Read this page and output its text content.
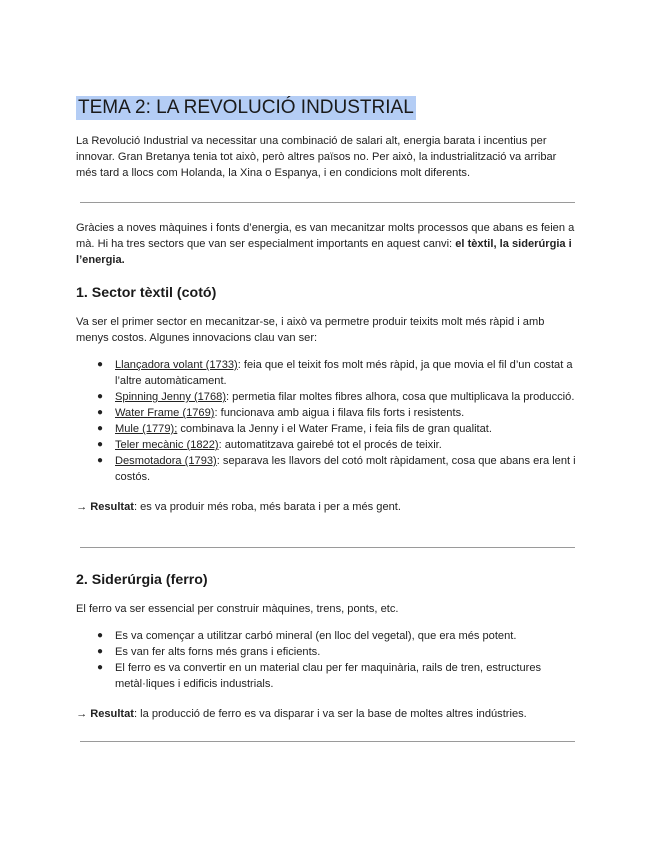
TEMA 2: LA REVOLUCIÓ INDUSTRIAL

La Revolució Industrial va necessitar una combinació de salari alt, energia barata i incentius per innovar. Gran Bretanya tenia tot això, però altres països no. Per això, la industrialització va arribar més tard a llocs com Holanda, la Xina o Espanya, i en condicions molt diferents.

Gràcies a noves màquines i fonts d’energia, es van mecanitzar molts processos que abans es feien a mà. Hi ha tres sectors que van ser especialment importants en aquest canvi: el tèxtil, la siderúrgia i l’energia.

1. Sector tèxtil (cotó)

Va ser el primer sector en mecanitzar-se, i això va permetre produir teixits molt més ràpid i amb menys costos. Algunes innovacions clau van ser:

● Llançadora volant (1733): feia que el teixit fos molt més ràpid, ja que movia el fil d’un costat a l’altre automàticament.
● Spinning Jenny (1768): permetia filar moltes fibres alhora, cosa que multiplicava la producció.
● Water Frame (1769): funcionava amb aigua i filava fils forts i resistents.
● Mule (1779); combinava la Jenny i el Water Frame, i feia fils de gran qualitat.
● Teler mecànic (1822): automatitzava gairebé tot el procés de teixir.
● Desmotadora (1793): separava les llavors del cotó molt ràpidament, cosa que abans era lent i costós.

→ Resultat: es va produir més roba, més barata i per a més gent.

2. Siderúrgia (ferro)

El ferro va ser essencial per construir màquines, trens, ponts, etc.

● Es va començar a utilitzar carbó mineral (en lloc del vegetal), que era més potent.
● Es van fer alts forns més grans i eficients.
● El ferro es va convertir en un material clau per fer maquinària, rails de tren, estructures metàl·liques i edificis industrials.

→ Resultat: la producció de ferro es va disparar i va ser la base de moltes altres indústries.
